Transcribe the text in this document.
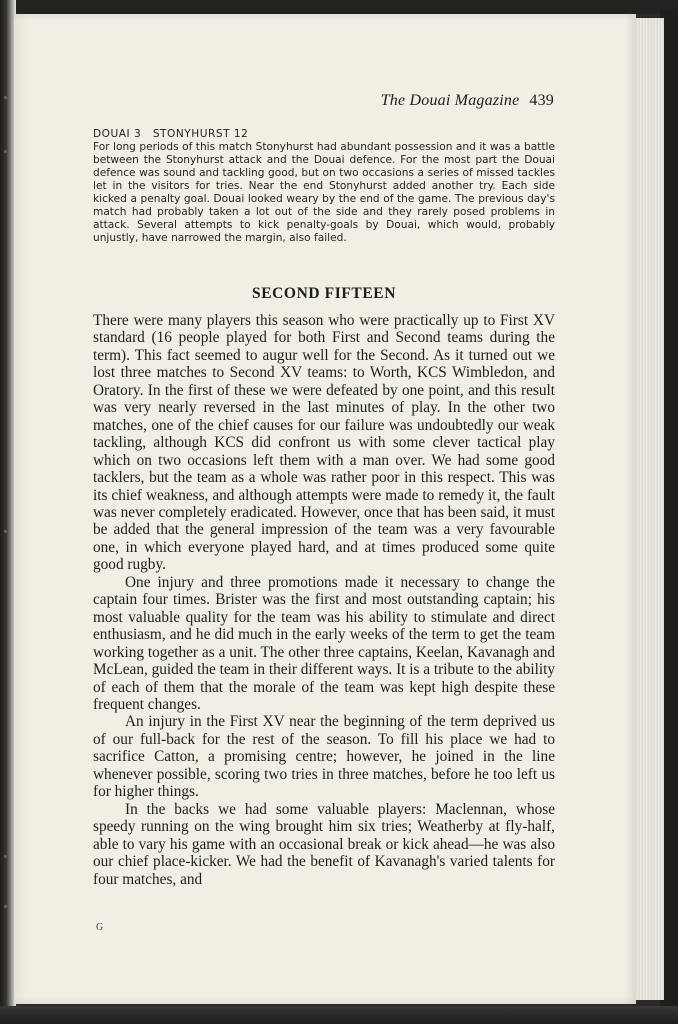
The Douai Magazine 439
DOUAI 3   STONYHURST 12

For long periods of this match Stonyhurst had abundant possession and it was a battle between the Stonyhurst attack and the Douai defence. For the most part the Douai defence was sound and tackling good, but on two occasions a series of missed tackles let in the visitors for tries. Near the end Stonyhurst added another try. Each side kicked a penalty goal. Douai looked weary by the end of the game. The previous day's match had probably taken a lot out of the side and they rarely posed problems in attack. Several attempts to kick penalty-goals by Douai, which would, probably unjustly, have narrowed the margin, also failed.

SECOND FIFTEEN

There were many players this season who were practically up to First XV standard (16 people played for both First and Second teams during the term). This fact seemed to augur well for the Second. As it turned out we lost three matches to Second XV teams: to Worth, KCS Wimbledon, and Oratory. In the first of these we were defeated by one point, and this result was very nearly reversed in the last minutes of play. In the other two matches, one of the chief causes for our failure was undoubtedly our weak tackling, although KCS did confront us with some clever tactical play which on two occasions left them with a man over. We had some good tacklers, but the team as a whole was rather poor in this respect. This was its chief weakness, and although attempts were made to remedy it, the fault was never completely eradicated. However, once that has been said, it must be added that the general impression of the team was a very favourable one, in which everyone played hard, and at times produced some quite good rugby.

One injury and three promotions made it necessary to change the captain four times. Brister was the first and most outstanding captain; his most valuable quality for the team was his ability to stimulate and direct enthusiasm, and he did much in the early weeks of the term to get the team working together as a unit. The other three captains, Keelan, Kavanagh and McLean, guided the team in their different ways. It is a tribute to the ability of each of them that the morale of the team was kept high despite these frequent changes.

An injury in the First XV near the beginning of the term deprived us of our full-back for the rest of the season. To fill his place we had to sacrifice Catton, a promising centre; however, he joined in the line whenever possible, scoring two tries in three matches, before he too left us for higher things.

In the backs we had some valuable players: Maclennan, whose speedy running on the wing brought him six tries; Weatherby at fly-half, able to vary his game with an occasional break or kick ahead—he was also our chief place-kicker. We had the benefit of Kavanagh's varied talents for four matches, and

G
